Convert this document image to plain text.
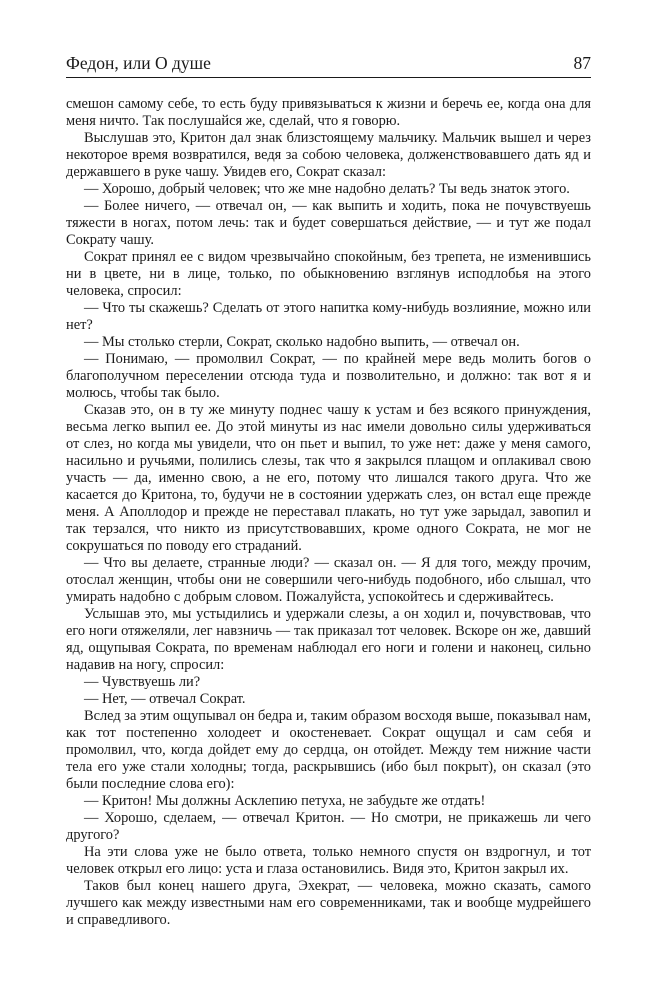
Федон, или О душе	87

смешон самому себе, то есть буду привязываться к жизни и беречь ее, когда она для меня ничто. Так послушайся же, сделай, что я говорю.

Выслушав это, Критон дал знак близстоящему мальчику. Мальчик вышел и через некоторое время возвратился, ведя за собою человека, долженствовавшего дать яд и державшего в руке чашу. Увидев его, Сократ сказал:

— Хорошо, добрый человек; что же мне надобно делать? Ты ведь знаток этого.

— Более ничего, — отвечал он, — как выпить и ходить, пока не почувствуешь тяжести в ногах, потом лечь: так и будет совершаться действие, — и тут же подал Сократу чашу.

Сократ принял ее с видом чрезвычайно спокойным, без трепета, не изменившись ни в цвете, ни в лице, только, по обыкновению взглянув исподлобья на этого человека, спросил:

— Что ты скажешь? Сделать от этого напитка кому-нибудь возлияние, можно или нет?

— Мы столько стерли, Сократ, сколько надобно выпить, — отвечал он.

— Понимаю, — промолвил Сократ, — по крайней мере ведь молить богов о благополучном переселении отсюда туда и позволительно, и должно: так вот я и молюсь, чтобы так было.

Сказав это, он в ту же минуту поднес чашу к устам и без всякого принуждения, весьма легко выпил ее. До этой минуты из нас имели довольно силы удерживаться от слез, но когда мы увидели, что он пьет и выпил, то уже нет: даже у меня самого, насильно и ручьями, полились слезы, так что я закрылся плащом и оплакивал свою участь — да, именно свою, а не его, потому что лишался такого друга. Что же касается до Критона, то, будучи не в состоянии удержать слез, он встал еще прежде меня. А Аполлодор и прежде не переставал плакать, но тут уже зарыдал, завопил и так терзался, что никто из присутствовавших, кроме одного Сократа, не мог не сокрушаться по поводу его страданий.

— Что вы делаете, странные люди? — сказал он. — Я для того, между прочим, отослал женщин, чтобы они не совершили чего-нибудь подобного, ибо слышал, что умирать надобно с добрым словом. Пожалуйста, успокойтесь и сдерживайтесь.

Услышав это, мы устыдились и удержали слезы, а он ходил и, почувствовав, что его ноги отяжеляли, лег навзничь — так приказал тот человек. Вскоре он же, давший яд, ощупывая Сократа, по временам наблюдал его ноги и голени и наконец, сильно надавив на ногу, спросил:

— Чувствуешь ли?

— Нет, — отвечал Сократ.

Вслед за этим ощупывал он бедра и, таким образом восходя выше, показывал нам, как тот постепенно холодеет и окостеневает. Сократ ощущал и сам себя и промолвил, что, когда дойдет ему до сердца, он отойдет. Между тем нижние части тела его уже стали холодны; тогда, раскрывшись (ибо был покрыт), он сказал (это были последние слова его):

— Критон! Мы должны Асклепию петуха, не забудьте же отдать!

— Хорошо, сделаем, — отвечал Критон. — Но смотри, не прикажешь ли чего другого?

На эти слова уже не было ответа, только немного спустя он вздрогнул, и тот человек открыл его лицо: уста и глаза остановились. Видя это, Критон закрыл их.

Таков был конец нашего друга, Эхекрат, — человека, можно сказать, самого лучшего как между известными нам его современниками, так и вообще мудрейшего и справедливого.
